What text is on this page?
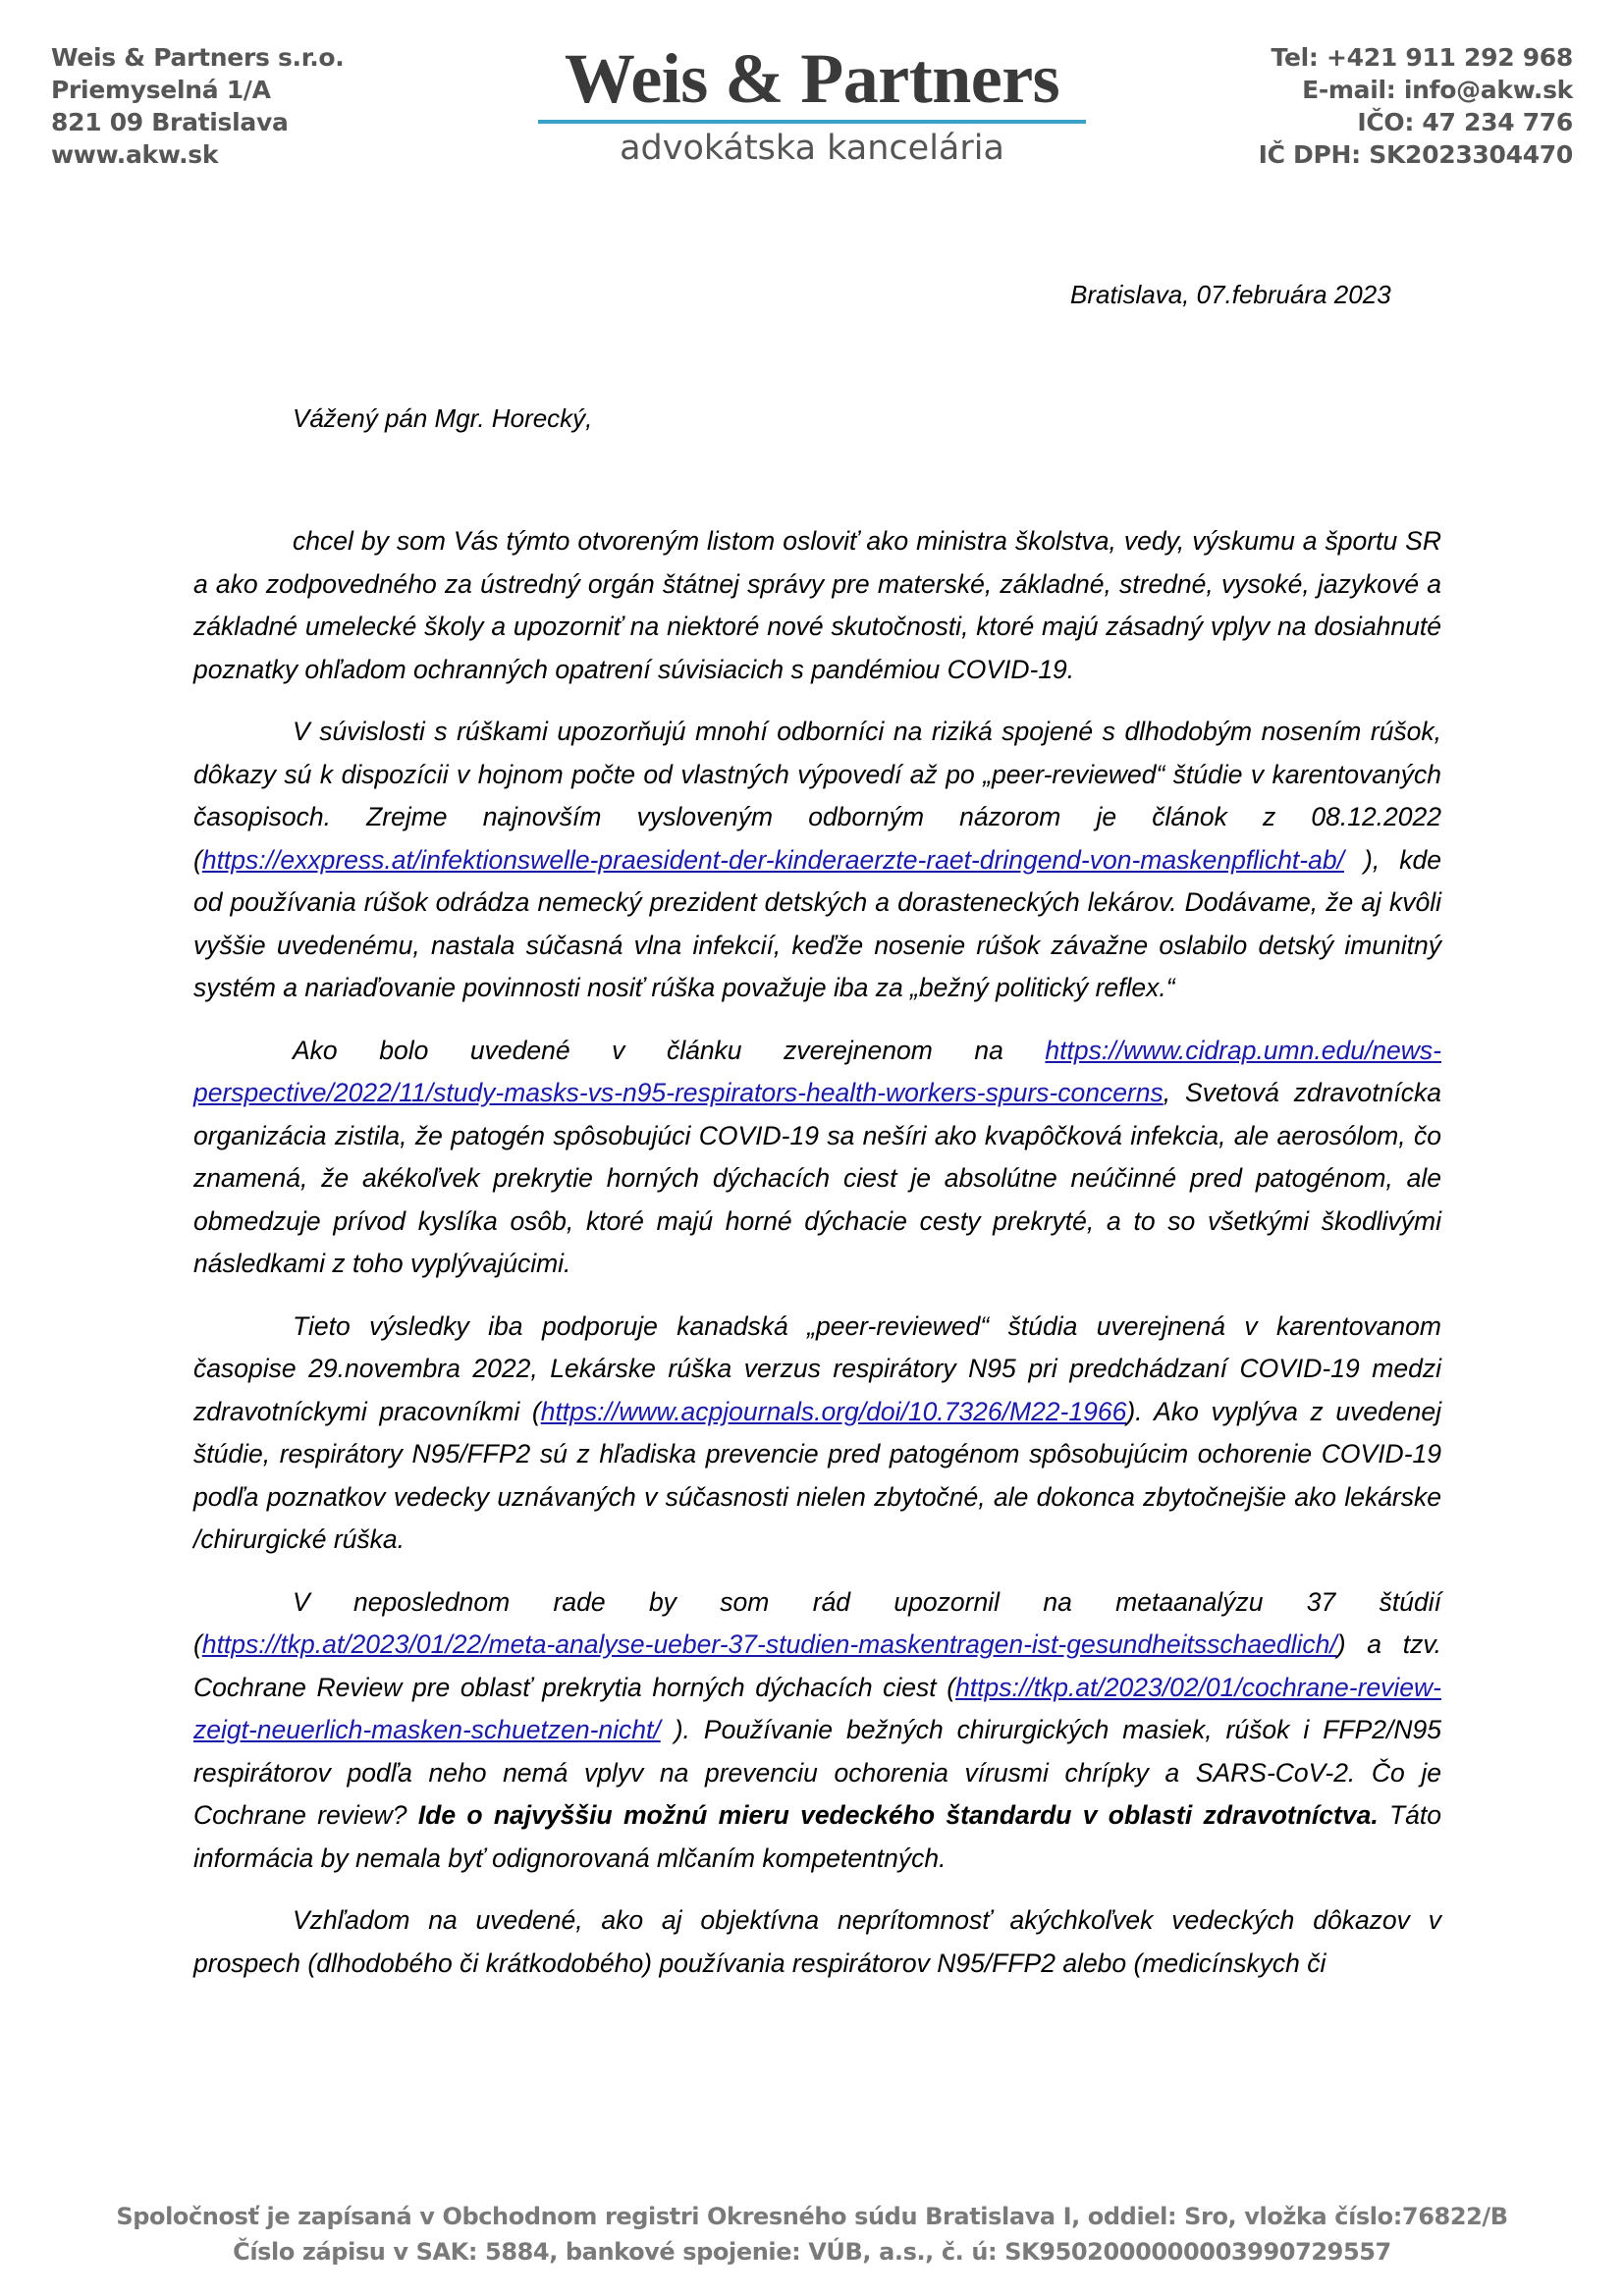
Weis & Partners s.r.o.
Priemyselná 1/A
821 09 Bratislava
www.akw.sk
Weis & Partners
advokátska kancelária
Tel: +421 911 292 968
E-mail: info@akw.sk
IČO: 47 234 776
IČ DPH: SK2023304470
Bratislava, 07.februára 2023
Vážený pán Mgr. Horecký,

chcel by som Vás týmto otvoreným listom osloviť ako ministra školstva, vedy, výskumu a športu SR a ako zodpovedného za ústredný orgán štátnej správy pre materské, základné, stredné, vysoké, jazykové a základné umelecké školy a upozorniť na niektoré nové skutočnosti, ktoré majú zásadný vplyv na dosiahnuté poznatky ohľadom ochranných opatrení súvisiacich s pandémiou COVID-19.

V súvislosti s rúškami upozorňujú mnohí odborníci na riziká spojené s dlhodobým nosením rúšok, dôkazy sú k dispozícii v hojnom počte od vlastných výpovedí až po „peer-reviewed“ štúdie v karentovaných časopisoch. Zrejme najnovším vysloveným odborným názorom je článok z 08.12.2022 (https://exxpress.at/infektionswelle-praesident-der-kinderaerzte-raet-dringend-von-maskenpflicht-ab/ ), kde od používania rúšok odrádza nemecký prezident detských a dorasteneckých lekárov. Dodávame, že aj kvôli vyššie uvedenému, nastala súčasná vlna infekcií, keďže nosenie rúšok závažne oslabilo detský imunitný systém a nariaďovanie povinnosti nosiť rúška považuje iba za „bežný politický reflex.“

Ako bolo uvedené v článku zverejnenom na https://www.cidrap.umn.edu/news-perspective/2022/11/study-masks-vs-n95-respirators-health-workers-spurs-concerns, Svetová zdravotnícka organizácia zistila, že patogén spôsobujúci COVID-19 sa nešíri ako kvapôčková infekcia, ale aerosólom, čo znamená, že akékoľvek prekrytie horných dýchacích ciest je absolútne neúčinné pred patogénom, ale obmedzuje prívod kyslíka osôb, ktoré majú horné dýchacie cesty prekryté, a to so všetkými škodlivými následkami z toho vyplývajúcimi.

Tieto výsledky iba podporuje kanadská „peer-reviewed“ štúdia uverejnená v karentovanom časopise 29.novembra 2022, Lekárske rúška verzus respirátory N95 pri predchádzaní COVID-19 medzi zdravotníckymi pracovníkmi (https://www.acpjournals.org/doi/10.7326/M22-1966). Ako vyplýva z uvedenej štúdie, respirátory N95/FFP2 sú z hľadiska prevencie pred patogénom spôsobujúcim ochorenie COVID-19 podľa poznatkov vedecky uznávaných v súčasnosti nielen zbytočné, ale dokonca zbytočnejšie ako lekárske /chirurgické rúška.

V neposlednom rade by som rád upozornil na metaanalýzu 37 štúdií (https://tkp.at/2023/01/22/meta-analyse-ueber-37-studien-maskentragen-ist-gesundheitsschaedlich/) a tzv. Cochrane Review pre oblasť prekrytia horných dýchacích ciest (https://tkp.at/2023/02/01/cochrane-review-zeigt-neuerlich-masken-schuetzen-nicht/ ). Používanie bežných chirurgických masiek, rúšok i FFP2/N95 respirátorov podľa neho nemá vplyv na prevenciu ochorenia vírusmi chrípky a SARS-CoV-2. Čo je Cochrane review? Ide o najvyššiu možnú mieru vedeckého štandardu v oblasti zdravotníctva. Táto informácia by nemala byť odignorovaná mlčaním kompetentných.

Vzhľadom na uvedené, ako aj objektívna neprítomnosť akýchkoľvek vedeckých dôkazov v prospech (dlhodobého či krátkodobého) používania respirátorov N95/FFP2 alebo (medicínskych či

Spoločnosť je zapísaná v Obchodnom registri Okresného súdu Bratislava I, oddiel: Sro, vložka číslo:76822/B
Číslo zápisu v SAK: 5884, bankové spojenie: VÚB, a.s., č. ú: SK9502000000003990729557
